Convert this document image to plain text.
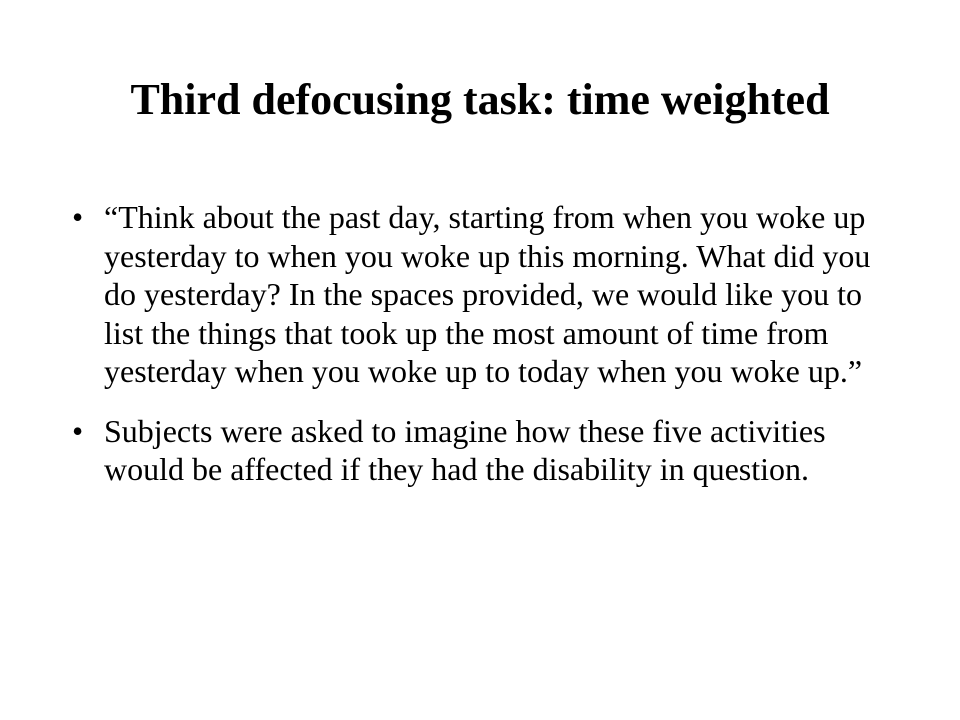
Third defocusing task: time weighted
• “Think about the past day, starting from when you woke up yesterday to when you woke up this morning. What did you do yesterday? In the spaces provided, we would like you to list the things that took up the most amount of time from yesterday when you woke up to today when you woke up.”
• Subjects were asked to imagine how these five activities would be affected if they had the disability in question.
